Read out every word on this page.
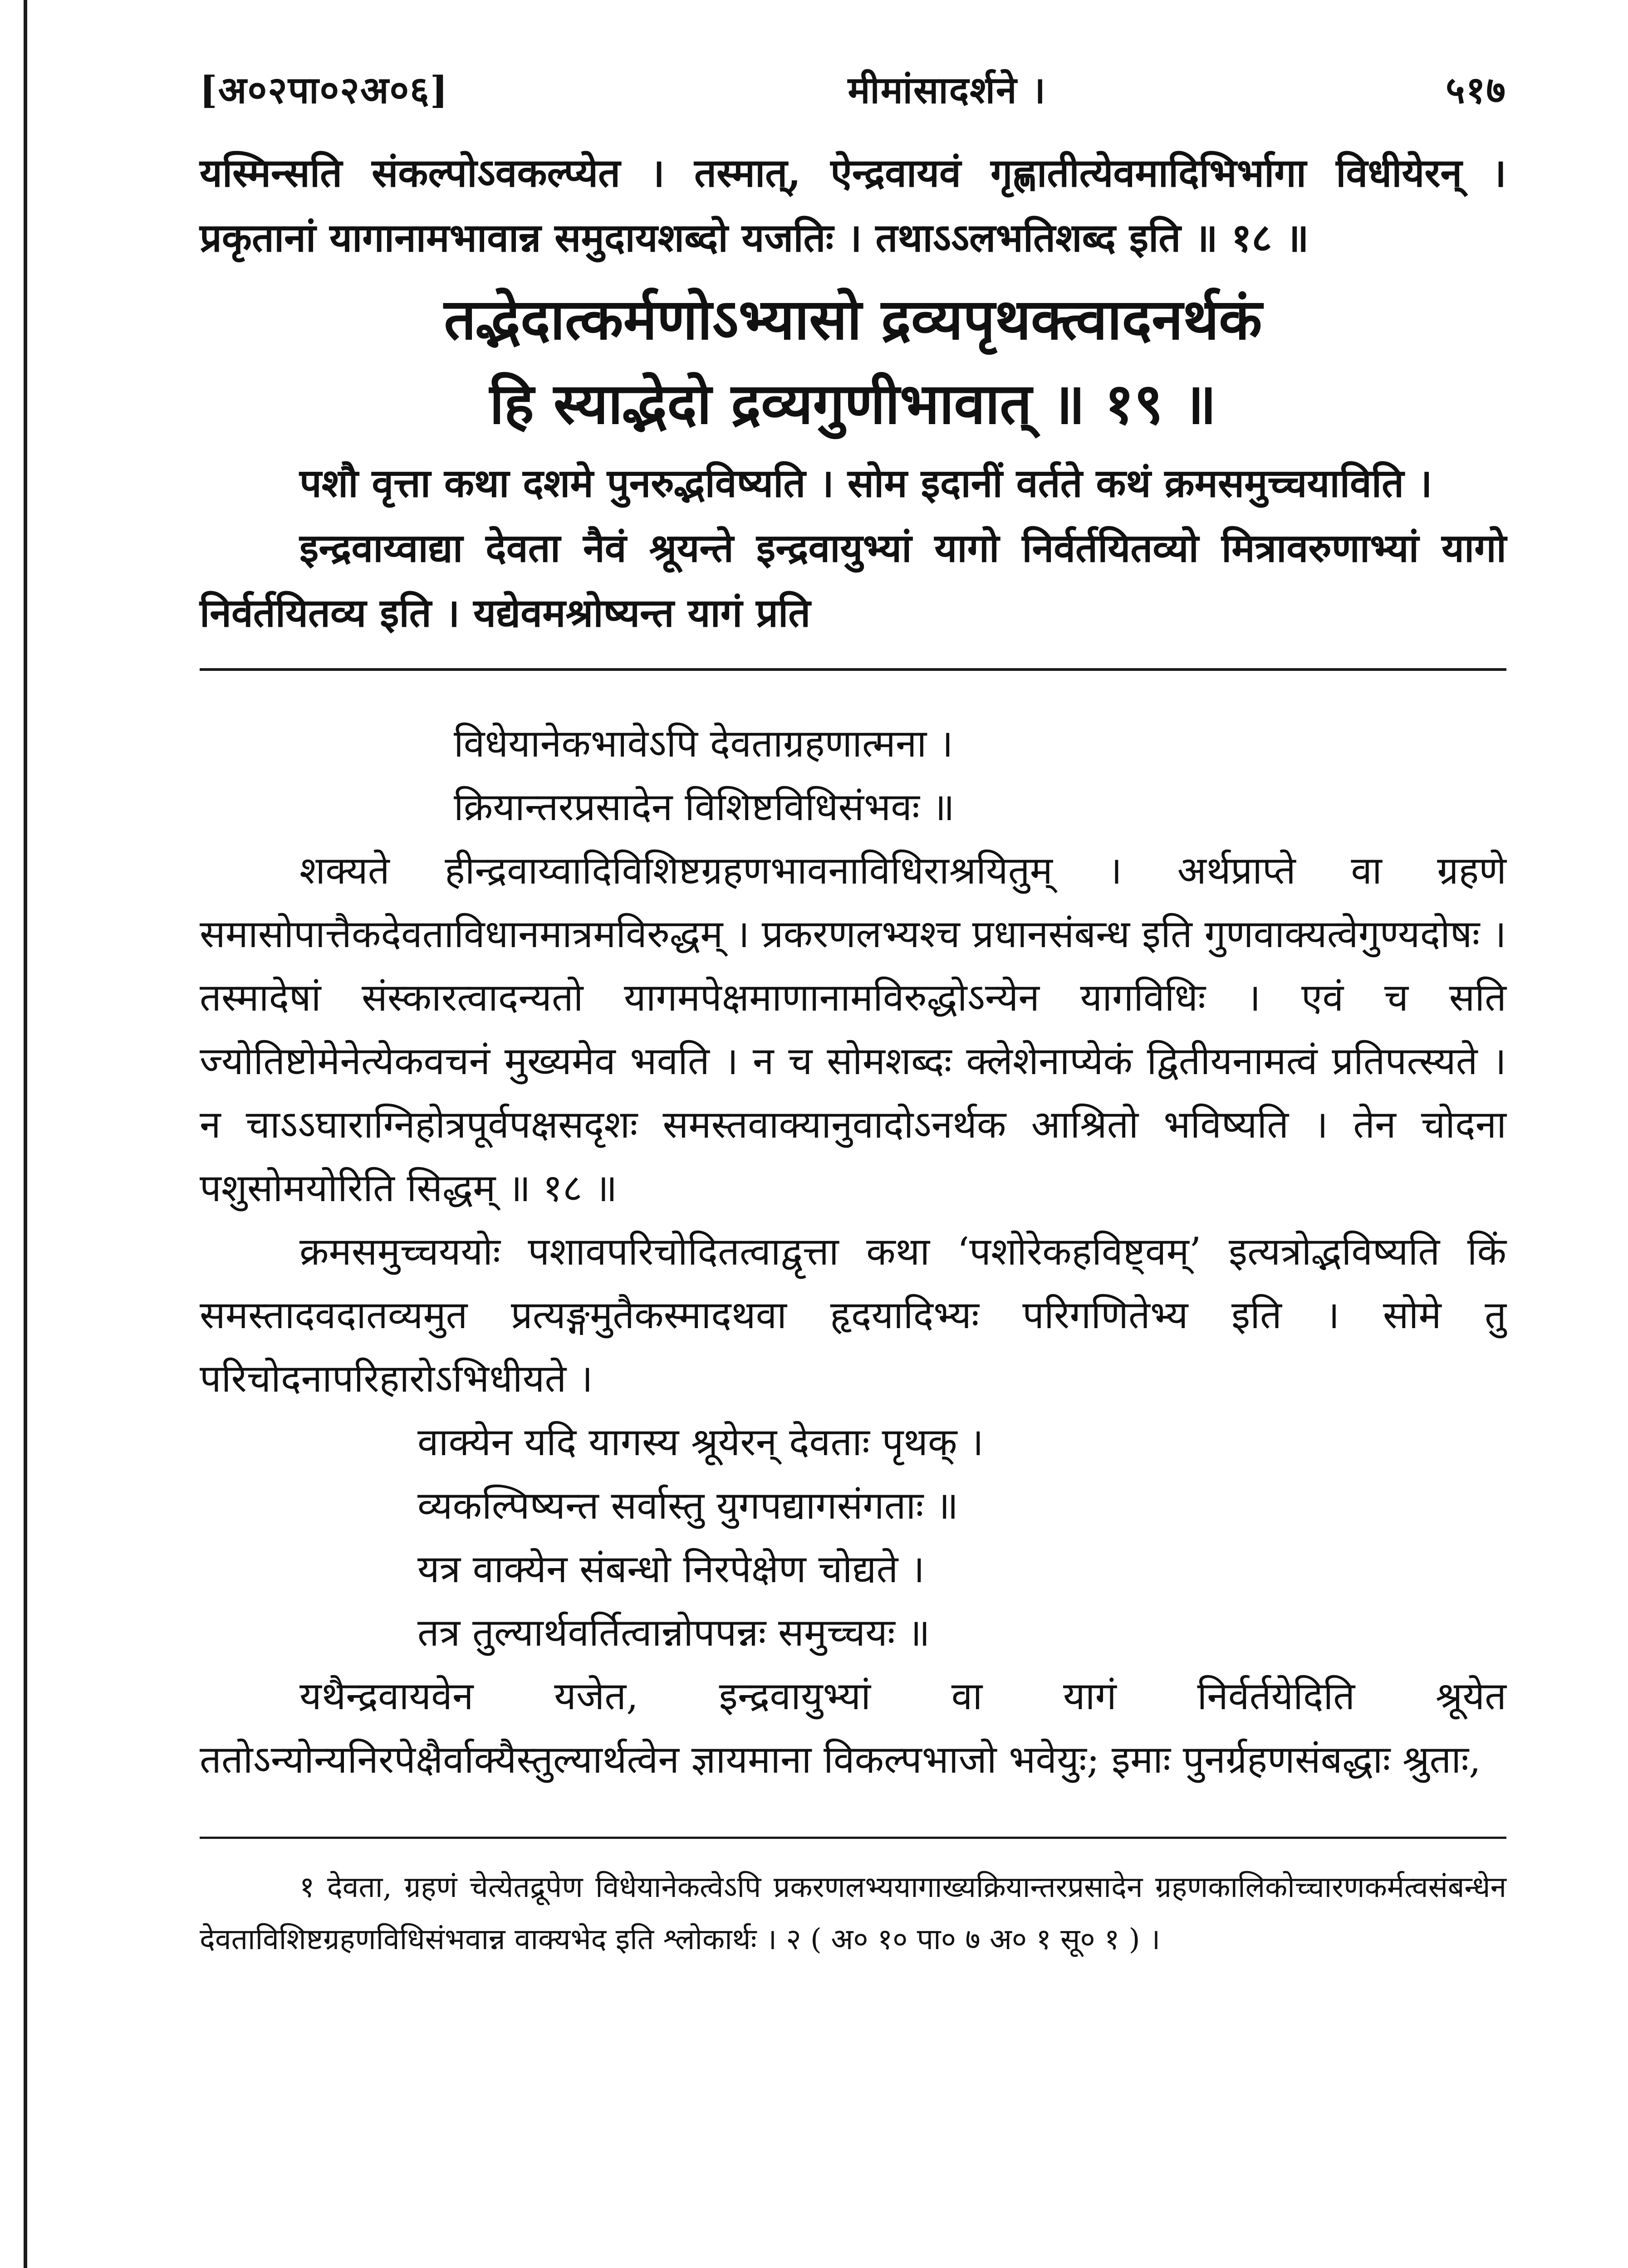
[अ०२पा०२अ०६]	मीमांसादर्शने ।	५१७

यस्मिन्सति संकल्पोऽवकल्प्येत । तस्मात्, ऐन्द्रवायवं गृह्णातीत्येवमादिभिर्भागा विधीयेरन् । प्रकृतानां यागानामभावान्न समुदायशब्दो यजतिः । तथाऽऽलभतिशब्द इति ॥ १८ ॥

तद्भेदात्कर्मणोऽभ्यासो द्रव्यपृथक्त्वादनर्थकं
हि स्याद्भेदो द्रव्यगुणीभावात् ॥ १९ ॥

पशौ वृत्ता कथा दशमे पुनरुद्भविष्यति । सोम इदानीं वर्तते कथं क्रमसमुच्चयाविति ।

इन्द्रवाय्वाद्या देवता नैवं श्रूयन्ते इन्द्रवायुभ्यां यागो निर्वर्तयितव्यो मित्रावरुणाभ्यां यागो निर्वर्तयितव्य इति । यद्येवमश्रोष्यन्त यागं प्रति

विधेयानेकभावेऽपि देवताग्रहणात्मना ।

क्रियान्तरप्रसादेन विशिष्टविधिसंभवः ॥

शक्यते हीन्द्रवाय्वादिविशिष्टग्रहणभावनाविधिराश्रयितुम् । अर्थप्राप्ते वा ग्रहणे समासोपात्तैकदेवताविधानमात्रमविरुद्धम् । प्रकरणलभ्यश्च प्रधानसंबन्ध इति गुणवाक्यत्वेगुण्यदोषः । तस्मादेषां संस्कारत्वादन्यतो यागमपेक्षमाणानामविरुद्धोऽन्येन यागविधिः । एवं च सति ज्योतिष्टोमेनेत्येकवचनं मुख्यमेव भवति । न च सोमशब्दः क्लेशेनाप्येकं द्वितीयनामत्वं प्रतिपत्स्यते । न चाऽऽघाराग्निहोत्रपूर्वपक्षसदृशः समस्तवाक्यानुवादोऽनर्थक आश्रितो भविष्यति । तेन चोदना पशुसोमयोरिति सिद्धम् ॥ १८ ॥

क्रमसमुच्चययोः पशावपरिचोदितत्वाद्वृत्ता कथा ‘पशोरेकहविष्ट्वम्’ इत्यत्रोद्भविष्यति किं समस्तादवदातव्यमुत प्रत्यङ्गमुतैकस्मादथवा हृदयादिभ्यः परिगणितेभ्य इति । सोमे तु परिचोदनापरिहारोऽभिधीयते ।

वाक्येन यदि यागस्य श्रूयेरन् देवताः पृथक् ।

व्यकल्पिष्यन्त सर्वास्तु युगपद्यागसंगताः ॥

यत्र वाक्येन संबन्धो निरपेक्षेण चोद्यते ।

तत्र तुल्यार्थवर्तित्वान्नोपपन्नः समुच्चयः ॥

यथैन्द्रवायवेन यजेत, इन्द्रवायुभ्यां वा यागं निर्वर्तयेदिति श्रूयेत ततोऽन्योन्यनिरपेक्षैर्वाक्यैस्तुल्यार्थत्वेन ज्ञायमाना विकल्पभाजो भवेयुः; इमाः पुनर्ग्रहणसंबद्धाः श्रुताः,

१ देवता, ग्रहणं चेत्येतद्रूपेण विधेयानेकत्वेऽपि प्रकरणलभ्ययागाख्यक्रियान्तरप्रसादेन ग्रहणकालिकोच्चारणकर्मत्वसंबन्धेन देवताविशिष्टग्रहणविधिसंभवान्न वाक्यभेद इति श्लोकार्थः । २ ( अ० १० पा० ७ अ० १ सू० १ ) ।
